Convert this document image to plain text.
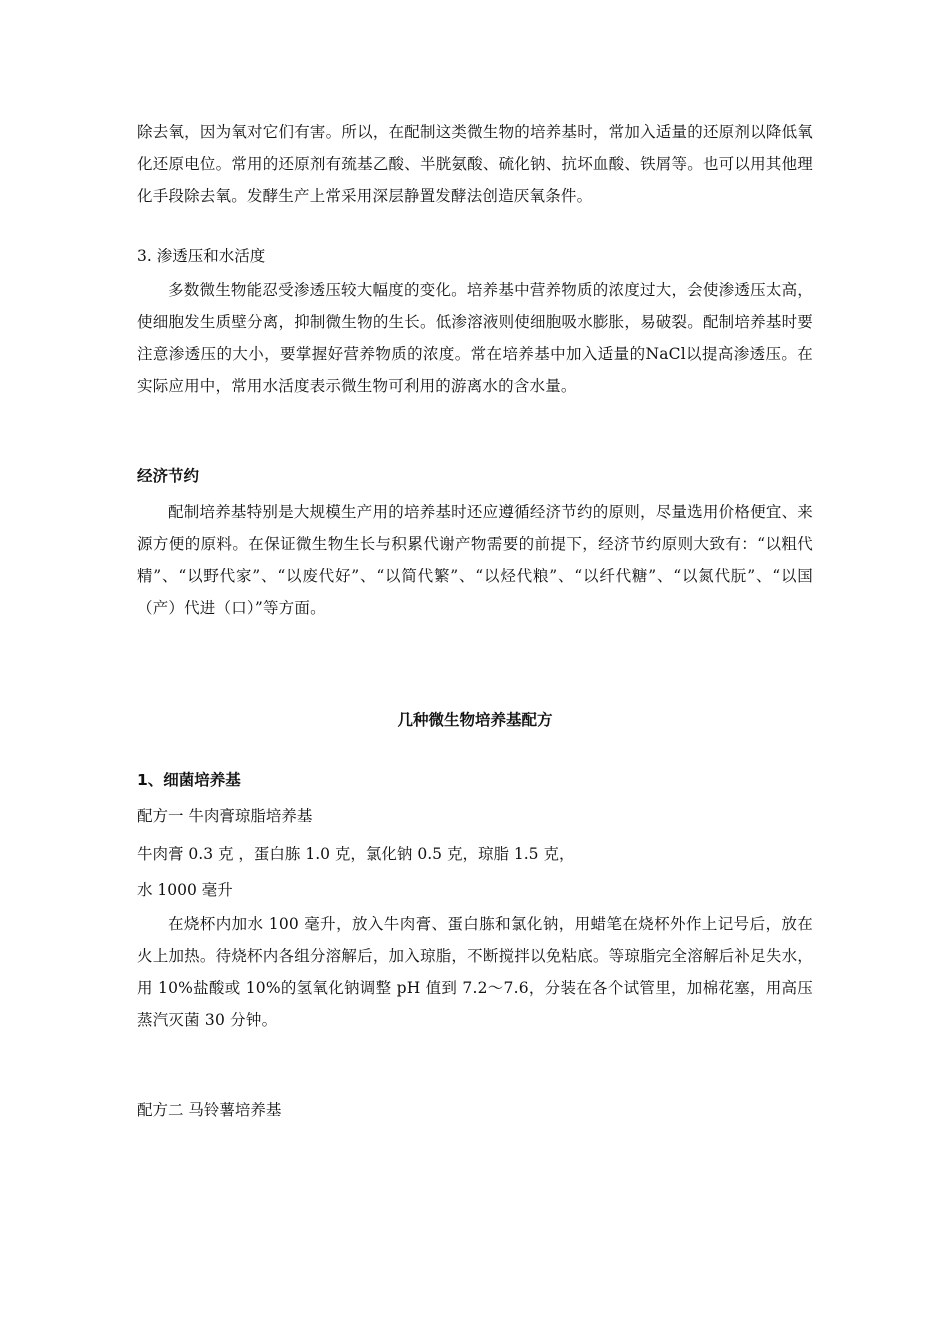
除去氧，因为氧对它们有害。所以，在配制这类微生物的培养基时，常加入适量的还原剂以降低氧化还原电位。常用的还原剂有巯基乙酸、半胱氨酸、硫化钠、抗坏血酸、铁屑等。也可以用其他理化手段除去氧。发酵生产上常采用深层静置发酵法创造厌氧条件。

3. 渗透压和水活度

多数微生物能忍受渗透压较大幅度的变化。培养基中营养物质的浓度过大，会使渗透压太高，使细胞发生质壁分离，抑制微生物的生长。低渗溶液则使细胞吸水膨胀，易破裂。配制培养基时要注意渗透压的大小，要掌握好营养物质的浓度。常在培养基中加入适量的NaCl以提高渗透压。在实际应用中，常用水活度表示微生物可利用的游离水的含水量。

经济节约

配制培养基特别是大规模生产用的培养基时还应遵循经济节约的原则，尽量选用价格便宜、来源方便的原料。在保证微生物生长与积累代谢产物需要的前提下，经济节约原则大致有：“以粗代精”、“以野代家”、“以废代好”、“以简代繁”、“以烃代粮”、“以纤代糖”、“以氮代朊”、“以国（产）代进（口）”等方面。

几种微生物培养基配方

1、细菌培养基

配方一 牛肉膏琼脂培养基

牛肉膏 0.3 克 ，蛋白胨 1.0 克，氯化钠 0.5 克，琼脂 1.5 克，

水 1000 毫升

在烧杯内加水 100 毫升，放入牛肉膏、蛋白胨和氯化钠，用蜡笔在烧杯外作上记号后，放在火上加热。待烧杯内各组分溶解后，加入琼脂，不断搅拌以免粘底。等琼脂完全溶解后补足失水，用 10%盐酸或 10%的氢氧化钠调整 pH 值到 7.2～7.6，分装在各个试管里，加棉花塞，用高压蒸汽灭菌 30 分钟。

配方二 马铃薯培养基
